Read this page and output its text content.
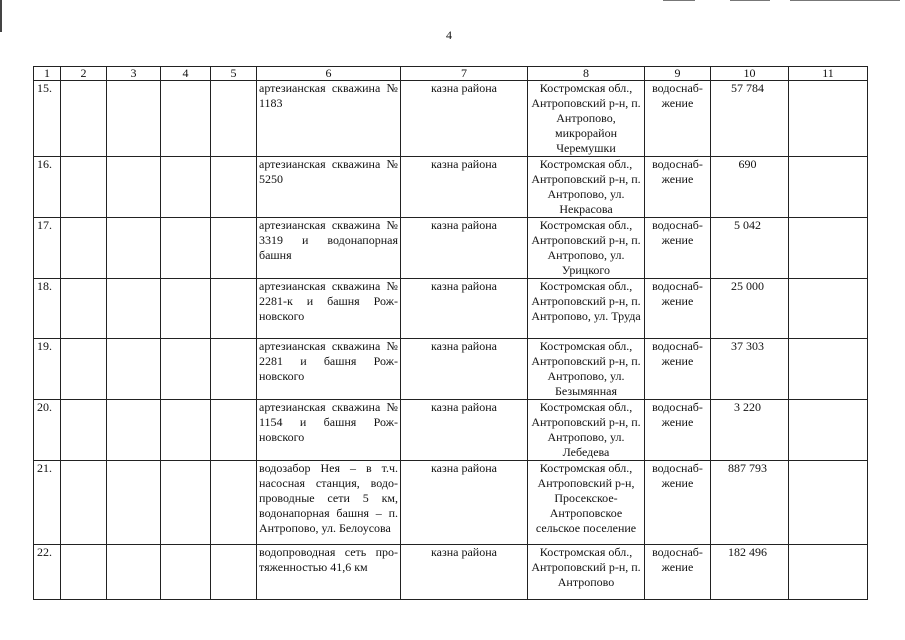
4
1	2	3	4	5	6	7	8	9	10	11
15.					артезианская скважина № 1183	казна района	Костромская обл., Антроповский р-н, п. Антропово, микрорайон Черемушки	водоснаб-жение	57 784	
16.					артезианская скважина № 5250	казна района	Костромская обл., Антроповский р-н, п. Антропово, ул. Некрасова	водоснаб-жение	690	
17.					артезианская скважина № 3319 и водонапорная башня	казна района	Костромская обл., Антроповский р-н, п. Антропово, ул. Урицкого	водоснаб-жение	5 042	
18.					артезианская скважина № 2281-к и башня Рож-новского	казна района	Костромская обл., Антроповский р-н, п. Антропово, ул. Труда	водоснаб-жение	25 000	
19.					артезианская скважина № 2281 и башня Рож-новского	казна района	Костромская обл., Антроповский р-н, п. Антропово, ул. Безымянная	водоснаб-жение	37 303	
20.					артезианская скважина № 1154 и башня Рож-новского	казна района	Костромская обл., Антроповский р-н, п. Антропово, ул. Лебедева	водоснаб-жение	3 220	
21.					водозабор Нея – в т.ч. насосная станция, водо-проводные сети 5 км, водонапорная башня – п. Антропово, ул. Белоусова	казна района	Костромская обл., Антроповский р-н, Просекское-Антроповское сельское поселение	водоснаб-жение	887 793	
22.					водопроводная сеть про-тяженностью 41,6 км	казна района	Костромская обл., Антроповский р-н, п. Антропово	водоснаб-жение	182 496	
